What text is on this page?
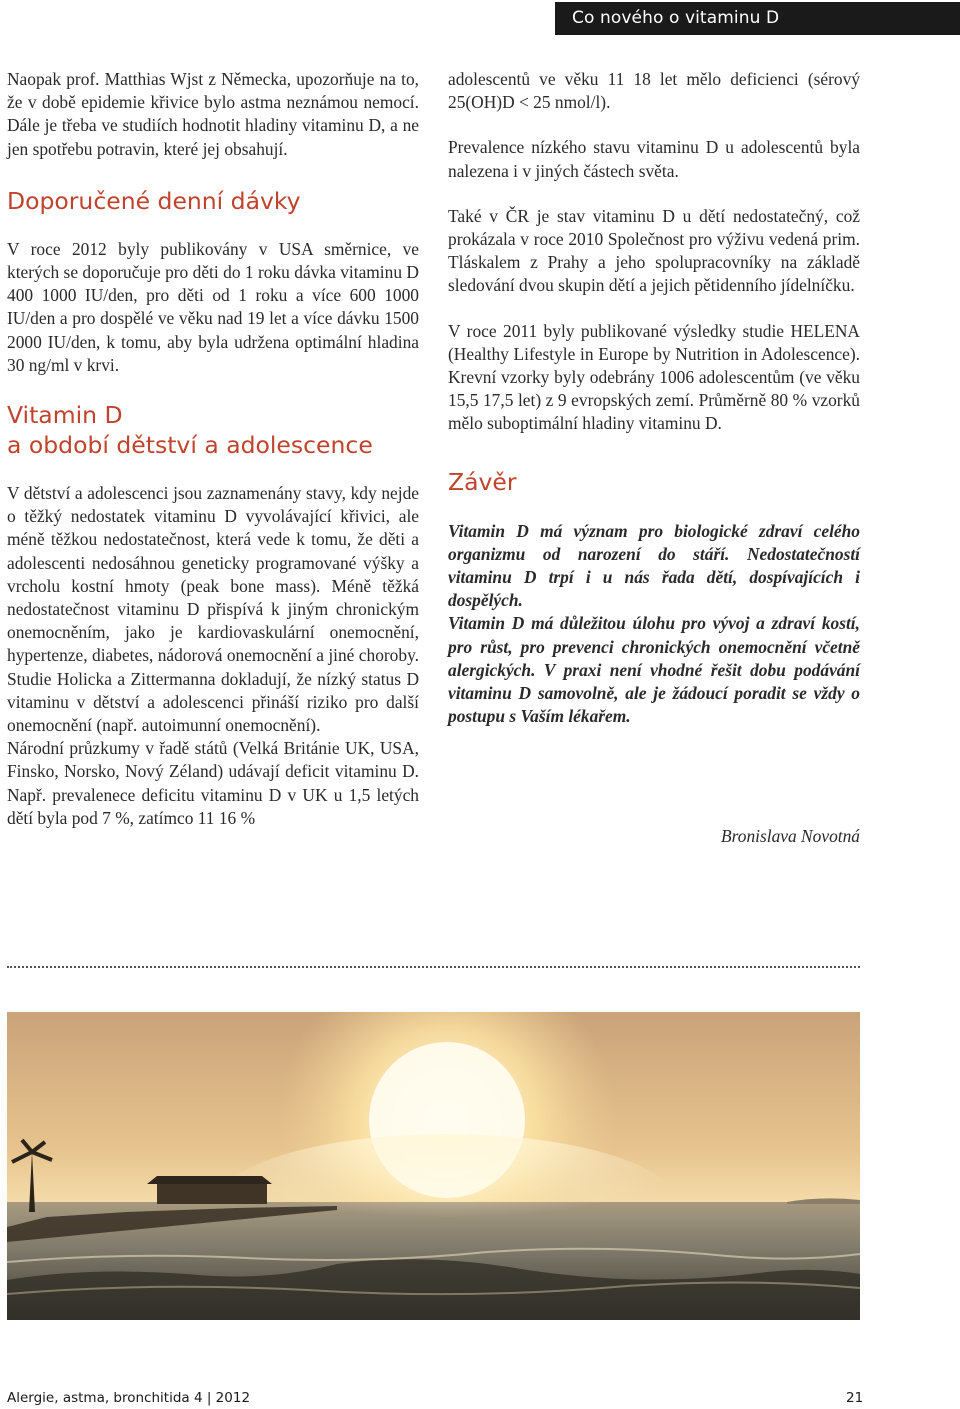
Co nového o vitaminu D

Naopak prof. Matthias Wjst z Německa, upozorňuje na to, že v době epidemie křivice bylo astma neznámou nemocí. Dále je třeba ve studiích hodnotit hladiny vitaminu D, a ne jen spotřebu potravin, které jej obsahují.

Doporučené denní dávky

V roce 2012 byly publikovány v USA směrnice, ve kterých se doporučuje pro děti do 1 roku dávka vitaminu D 400 1000 IU/den, pro děti od 1 roku a více 600 1000 IU/den a pro dospělé ve věku nad 19 let a více dávku 1500 2000 IU/den, k tomu, aby byla udržena optimální hladina 30 ng/ml v krvi.

Vitamin D
a období dětství a adolescence

V dětství a adolescenci jsou zaznamenány stavy, kdy nejde o těžký nedostatek vitaminu D vyvolávající křivici, ale méně těžkou nedostatečnost, která vede k tomu, že děti a adolescenti nedosáhnou geneticky programované výšky a vrcholu kostní hmoty (peak bone mass). Méně těžká nedostatečnost vitaminu D přispívá k jiným chronickým onemocněním, jako je kardiovaskulární onemocnění, hypertenze, diabetes, nádorová onemocnění a jiné choroby. Studie Holicka a Zittermanna dokladují, že nízký status D vitaminu v dětství a adolescenci přináší riziko pro další onemocnění (např. autoimunní onemocnění).

Národní průzkumy v řadě států (Velká Británie UK, USA, Finsko, Norsko, Nový Zéland) udávají deficit vitaminu D. Např. prevalenece deficitu vitaminu D v UK u 1,5 letých dětí byla pod 7 %, zatímco 11 16 %

adolescentů ve věku 11 18 let mělo deficienci (sérový 25(OH)D < 25 nmol/l).

Prevalence nízkého stavu vitaminu D u adolescentů byla nalezena i v jiných částech světa.

Také v ČR je stav vitaminu D u dětí nedostatečný, což prokázala v roce 2010 Společnost pro výživu vedená prim. Tláskalem z Prahy a jeho spolupracovníky na základě sledování dvou skupin dětí a jejich pětidenního jídelníčku.

V roce 2011 byly publikované výsledky studie HELENA (Healthy Lifestyle in Europe by Nutrition in Adolescence). Krevní vzorky byly odebrány 1006 adolescentům (ve věku 15,5 17,5 let) z 9 evropských zemí. Průměrně 80 % vzorků mělo suboptimální hladiny vitaminu D.

Závěr

Vitamin D má význam pro biologické zdraví celého organizmu od narození do stáří. Nedostatečností vitaminu D trpí i u nás řada dětí, dospívajících i dospělých.

Vitamin D má důležitou úlohu pro vývoj a zdraví kostí, pro růst, pro prevenci chronických onemocnění včetně alergických. V praxi není vhodné řešit dobu podávání vitaminu D samovolně, ale je žádoucí poradit se vždy o postupu s Vaším lékařem.

Bronislava Novotná
Alergie, astma, bronchitida 4 | 2012	21
